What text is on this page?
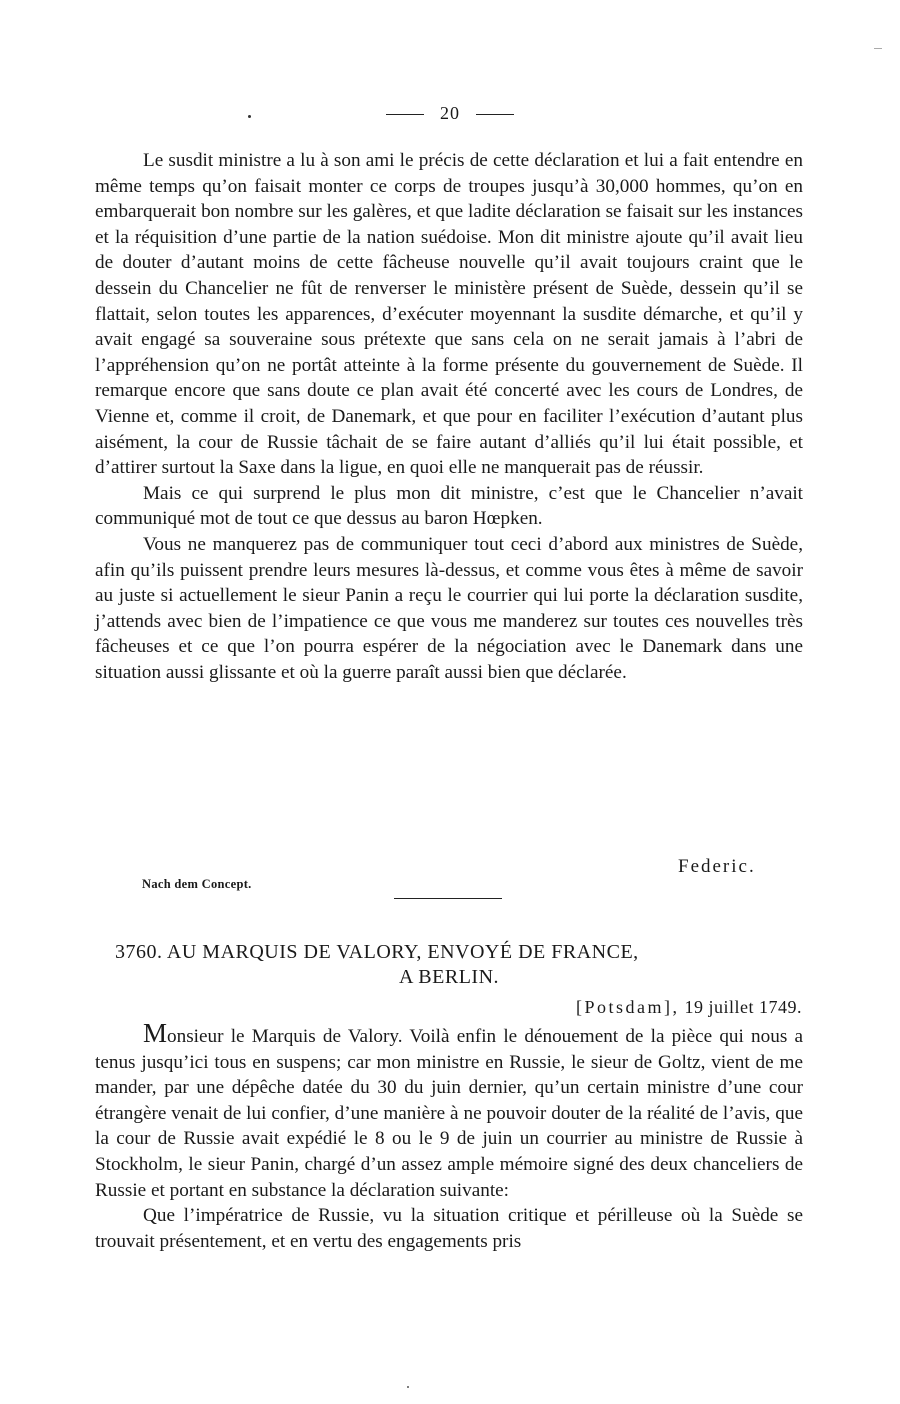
20

Le susdit ministre a lu à son ami le précis de cette déclaration et lui a fait entendre en même temps qu’on faisait monter ce corps de troupes jusqu’à 30,000 hommes, qu’on en embarquerait bon nombre sur les galères, et que ladite déclaration se faisait sur les instances et la réquisition d’une partie de la nation suédoise. Mon dit ministre ajoute qu’il avait lieu de douter d’autant moins de cette fâcheuse nouvelle qu’il avait toujours craint que le dessein du Chancelier ne fût de renverser le ministère présent de Suède, dessein qu’il se flattait, selon toutes les apparences, d’exécuter moyennant la susdite démarche, et qu’il y avait engagé sa souveraine sous prétexte que sans cela on ne serait jamais à l’abri de l’appréhension qu’on ne portât atteinte à la forme présente du gouvernement de Suède. Il remarque encore que sans doute ce plan avait été concerté avec les cours de Londres, de Vienne et, comme il croit, de Danemark, et que pour en faciliter l’exécution d’autant plus aisément, la cour de Russie tâchait de se faire autant d’alliés qu’il lui était possible, et d’attirer surtout la Saxe dans la ligue, en quoi elle ne manquerait pas de réussir.

Mais ce qui surprend le plus mon dit ministre, c’est que le Chancelier n’avait communiqué mot de tout ce que dessus au baron Hœpken.

Vous ne manquerez pas de communiquer tout ceci d’abord aux ministres de Suède, afin qu’ils puissent prendre leurs mesures là-dessus, et comme vous êtes à même de savoir au juste si actuellement le sieur Panin a reçu le courrier qui lui porte la déclaration susdite, j’attends avec bien de l’impatience ce que vous me manderez sur toutes ces nouvelles très fâcheuses et ce que l’on pourra espérer de la négociation avec le Danemark dans une situation aussi glissante et où la guerre paraît aussi bien que déclarée.

Federic.
Nach dem Concept.
3760. AU MARQUIS DE VALORY, ENVOYÉ DE FRANCE,
A BERLIN.
[Potsdam], 19 juillet 1749.

Monsieur le Marquis de Valory. Voilà enfin le dénouement de la pièce qui nous a tenus jusqu’ici tous en suspens; car mon ministre en Russie, le sieur de Goltz, vient de me mander, par une dépêche datée du 30 du juin dernier, qu’un certain ministre d’une cour étrangère venait de lui confier, d’une manière à ne pouvoir douter de la réalité de l’avis, que la cour de Russie avait expédié le 8 ou le 9 de juin un courrier au ministre de Russie à Stockholm, le sieur Panin, chargé d’un assez ample mémoire signé des deux chanceliers de Russie et portant en substance la déclaration suivante:

Que l’impératrice de Russie, vu la situation critique et périlleuse où la Suède se trouvait présentement, et en vertu des engagements pris
